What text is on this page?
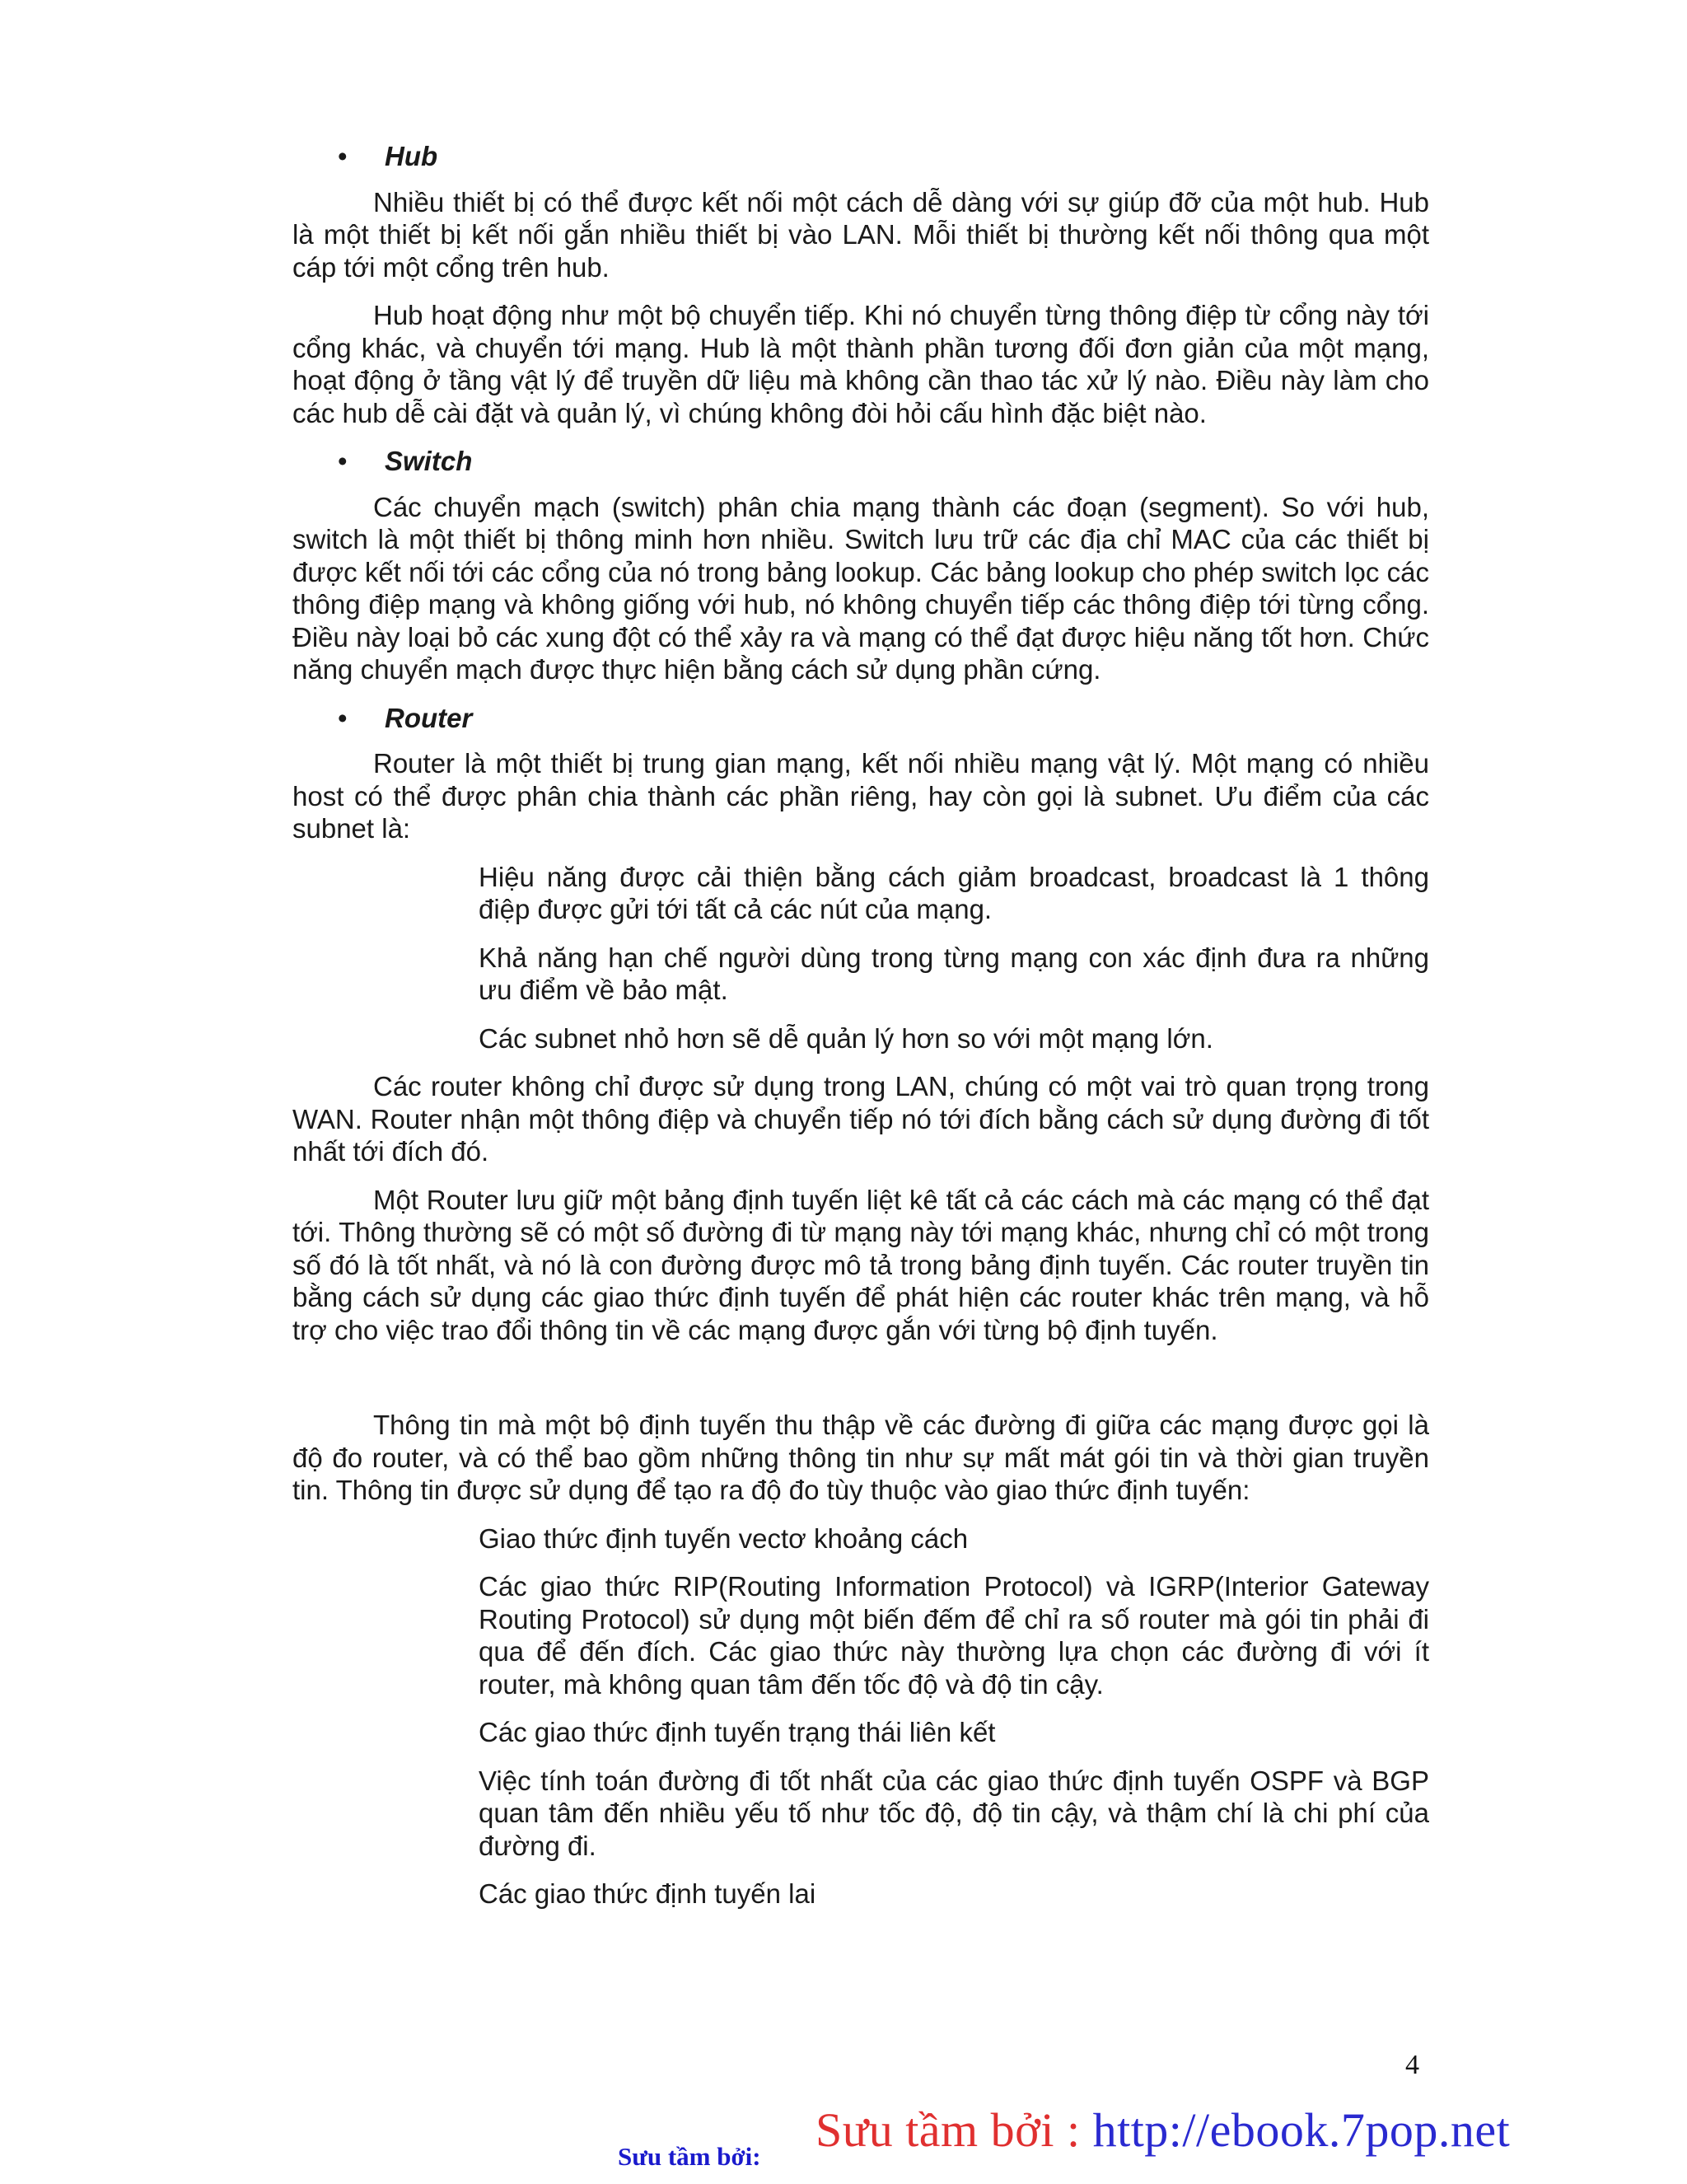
• Hub

Nhiều thiết bị có thể được kết nối một cách dễ dàng với sự giúp đỡ của một hub. Hub là một thiết bị kết nối gắn nhiều thiết bị vào LAN. Mỗi thiết bị thường kết nối thông qua một cáp tới một cổng trên hub.

Hub hoạt động như một bộ chuyển tiếp. Khi nó chuyển từng thông điệp từ cổng này tới cổng khác, và chuyển tới mạng. Hub là một thành phần tương đối đơn giản của một mạng, hoạt động ở tầng vật lý để truyền dữ liệu mà không cần thao tác xử lý nào. Điều này làm cho các hub dễ cài đặt và quản lý, vì chúng không đòi hỏi cấu hình đặc biệt nào.

• Switch

Các chuyển mạch (switch) phân chia mạng thành các đoạn (segment). So với hub, switch là một thiết bị thông minh hơn nhiều. Switch lưu trữ các địa chỉ MAC của các thiết bị được kết nối tới các cổng của nó trong bảng lookup. Các bảng lookup cho phép switch lọc các thông điệp mạng và không giống với hub, nó không chuyển tiếp các thông điệp tới từng cổng. Điều này loại bỏ các xung đột có thể xảy ra và mạng có thể đạt được hiệu năng tốt hơn. Chức năng chuyển mạch được thực hiện bằng cách sử dụng phần cứng.

• Router

Router là một thiết bị trung gian mạng, kết nối nhiều mạng vật lý. Một mạng có nhiều host có thể được phân chia thành các phần riêng, hay còn gọi là subnet. Ưu điểm của các subnet là:

Hiệu năng được cải thiện bằng cách giảm broadcast, broadcast là 1 thông điệp được gửi tới tất cả các nút của mạng.

Khả năng hạn chế người dùng trong từng mạng con xác định đưa ra những ưu điểm về bảo mật.

Các subnet nhỏ hơn sẽ dễ quản lý hơn so với một mạng lớn.

Các router không chỉ được sử dụng trong LAN, chúng có một vai trò quan trọng trong WAN. Router nhận một thông điệp và chuyển tiếp nó tới đích bằng cách sử dụng đường đi tốt nhất tới đích đó.

Một Router lưu giữ một bảng định tuyến liệt kê tất cả các cách mà các mạng có thể đạt tới. Thông thường sẽ có một số đường đi từ mạng này tới mạng khác, nhưng chỉ có một trong số đó là tốt nhất, và nó là con đường được mô tả trong bảng định tuyến. Các router truyền tin bằng cách sử dụng các giao thức định tuyến để phát hiện các router khác trên mạng, và hỗ trợ cho việc trao đổi thông tin về các mạng được gắn với từng bộ định tuyến.

Thông tin mà một bộ định tuyến thu thập về các đường đi giữa các mạng được gọi là độ đo router, và có thể bao gồm những thông tin như sự mất mát gói tin và thời gian truyền tin. Thông tin được sử dụng để tạo ra độ đo tùy thuộc vào giao thức định tuyến:

Giao thức định tuyến vectơ khoảng cách

Các giao thức RIP(Routing Information Protocol) và IGRP(Interior Gateway Routing Protocol) sử dụng một biến đếm để chỉ ra số router mà gói tin phải đi qua để đến đích. Các giao thức này thường lựa chọn các đường đi với ít router, mà không quan tâm đến tốc độ và độ tin cậy.

Các giao thức định tuyến trạng thái liên kết

Việc tính toán đường đi tốt nhất của các giao thức định tuyến OSPF và BGP quan tâm đến nhiều yếu tố như tốc độ, độ tin cậy, và thậm chí là chi phí của đường đi.

Các giao thức định tuyến lai

4
Sưu tầm bởi : http://ebook.7pop.net
Sưu tầm bởi:
